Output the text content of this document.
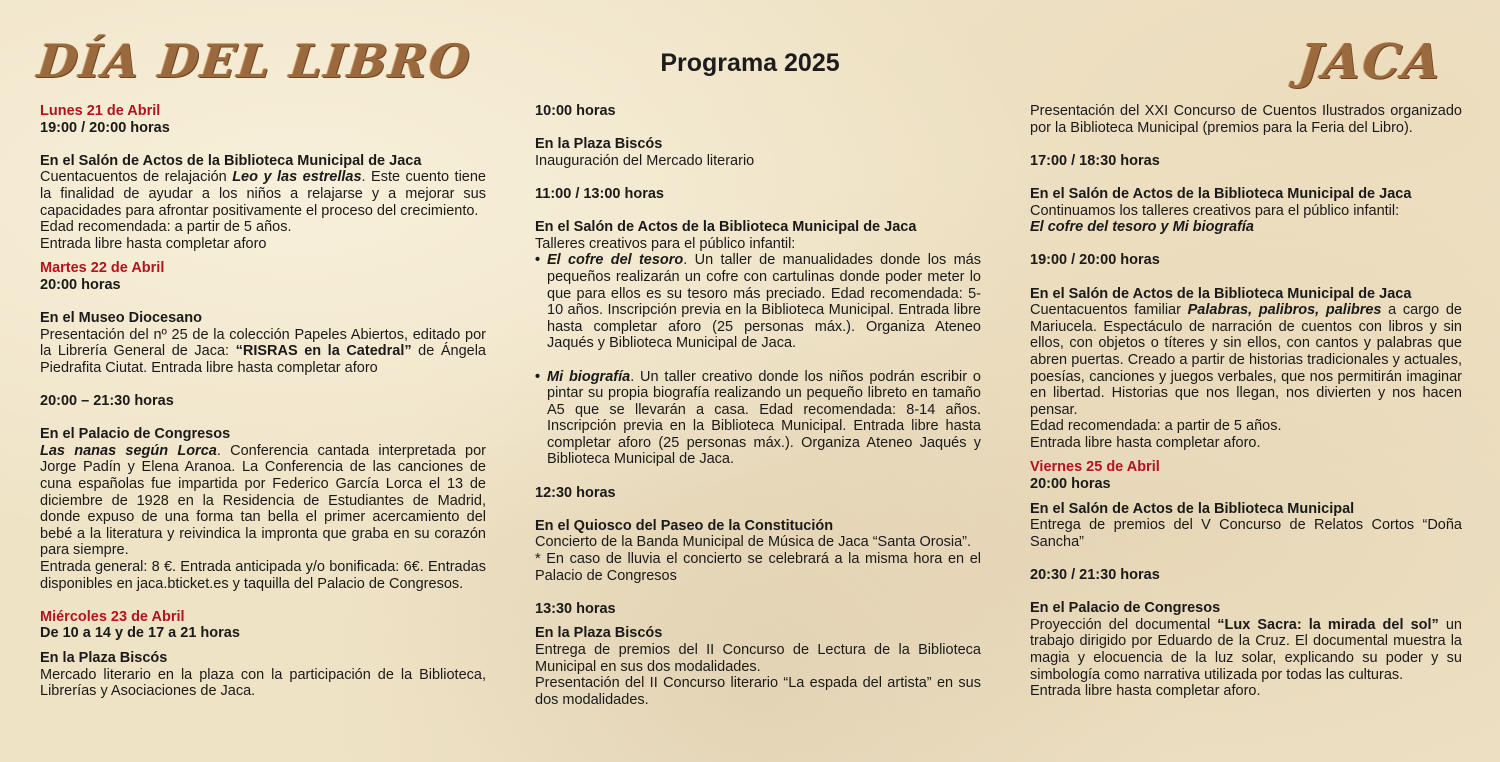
DÍA DEL LIBRO	Programa 2025	JACA

Lunes 21 de Abril

19:00 / 20:00 horas

En el Salón de Actos de la Biblioteca Municipal de Jaca

Cuentacuentos de relajación Leo y las estrellas. Este cuento tiene la finalidad de ayudar a los niños a relajarse y a mejorar sus capacidades para afrontar positivamente el proceso del crecimiento.

Edad recomendada: a partir de 5 años.

Entrada libre hasta completar aforo

Martes 22 de Abril

20:00 horas

En el Museo Diocesano

Presentación del nº 25 de la colección Papeles Abiertos, editado por la Librería General de Jaca: “RISRAS en la Catedral” de Ángela Piedrafita Ciutat. Entrada libre hasta completar aforo

20:00 – 21:30 horas

En el Palacio de Congresos

Las nanas según Lorca. Conferencia cantada interpretada por Jorge Padín y Elena Aranoa. La Conferencia de las canciones de cuna españolas fue impartida por Federico García Lorca el 13 de diciembre de 1928 en la Residencia de Estudiantes de Madrid, donde expuso de una forma tan bella el primer acercamiento del bebé a la literatura y reivindica la impronta que graba en su corazón para siempre.

Entrada general: 8 €. Entrada anticipada y/o bonificada: 6€. Entradas disponibles en jaca.bticket.es y taquilla del Palacio de Congresos.

Miércoles 23 de Abril

De 10 a 14 y de 17 a 21 horas

En la Plaza Biscós

Mercado literario en la plaza con la participación de la Biblioteca, Librerías y Asociaciones de Jaca.

10:00 horas

En la Plaza Biscós

Inauguración del Mercado literario

11:00 / 13:00 horas

En el Salón de Actos de la Biblioteca Municipal de Jaca

Talleres creativos para el público infantil:

• El cofre del tesoro. Un taller de manualidades donde los más pequeños realizarán un cofre con cartulinas donde poder meter lo que para ellos es su tesoro más preciado. Edad recomendada: 5-10 años. Inscripción previa en la Biblioteca Municipal. Entrada libre hasta completar aforo (25 personas máx.). Organiza Ateneo Jaqués y Biblioteca Municipal de Jaca.
• Mi biografía. Un taller creativo donde los niños podrán escribir o pintar su propia biografía realizando un pequeño libreto en tamaño A5 que se llevarán a casa. Edad recomendada: 8-14 años. Inscripción previa en la Biblioteca Municipal. Entrada libre hasta completar aforo (25 personas máx.). Organiza Ateneo Jaqués y Biblioteca Municipal de Jaca.

12:30 horas

En el Quiosco del Paseo de la Constitución

Concierto de la Banda Municipal de Música de Jaca “Santa Orosia”.

* En caso de lluvia el concierto se celebrará a la misma hora en el Palacio de Congresos

13:30 horas

En la Plaza Biscós

Entrega de premios del II Concurso de Lectura de la Biblioteca Municipal en sus dos modalidades.

Presentación del II Concurso literario “La espada del artista” en sus dos modalidades.

Presentación del XXI Concurso de Cuentos Ilustrados organizado por la Biblioteca Municipal (premios para la Feria del Libro).

17:00 / 18:30 horas

En el Salón de Actos de la Biblioteca Municipal de Jaca

Continuamos los talleres creativos para el público infantil:

El cofre del tesoro y Mi biografía

19:00 / 20:00 horas

En el Salón de Actos de la Biblioteca Municipal de Jaca

Cuentacuentos familiar Palabras, palibros, palibres a cargo de Mariucela. Espectáculo de narración de cuentos con libros y sin ellos, con objetos o títeres y sin ellos, con cantos y palabras que abren puertas. Creado a partir de historias tradicionales y actuales, poesías, canciones y juegos verbales, que nos permitirán imaginar en libertad. Historias que nos llegan, nos divierten y nos hacen pensar.

Edad recomendada: a partir de 5 años.

Entrada libre hasta completar aforo.

Viernes 25 de Abril

20:00 horas

En el Salón de Actos de la Biblioteca Municipal

Entrega de premios del V Concurso de Relatos Cortos “Doña Sancha”

20:30 / 21:30 horas

En el Palacio de Congresos

Proyección del documental “Lux Sacra: la mirada del sol” un trabajo dirigido por Eduardo de la Cruz. El documental muestra la magia y elocuencia de la luz solar, explicando su poder y su simbología como narrativa utilizada por todas las culturas.

Entrada libre hasta completar aforo.
